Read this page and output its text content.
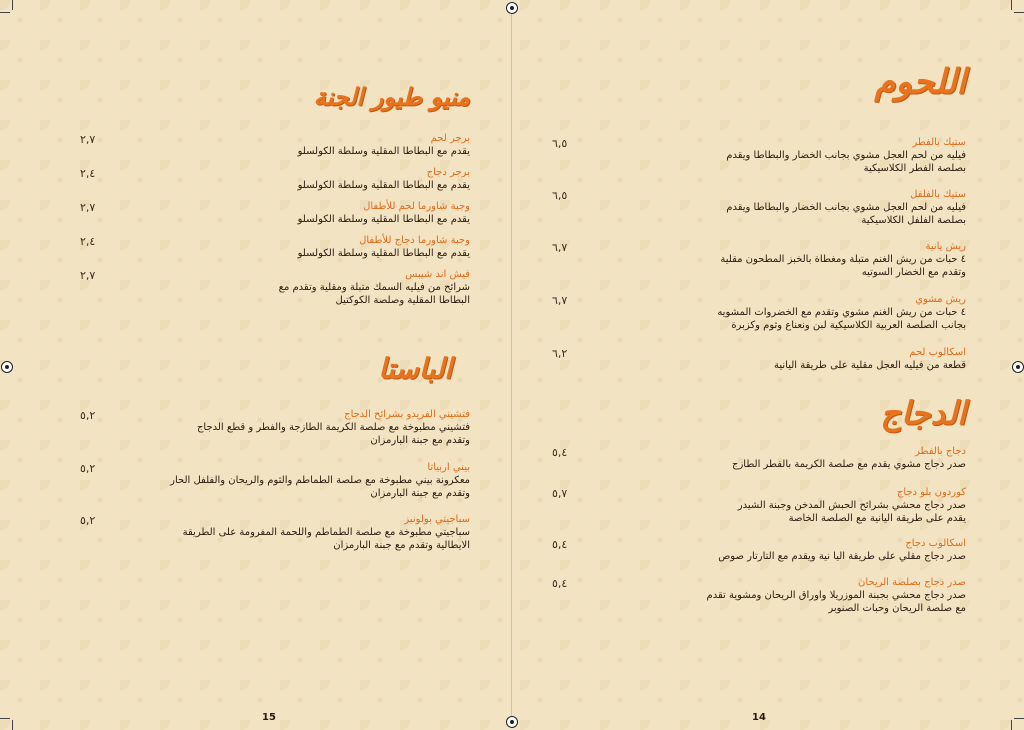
اللحوم
ستيك بالفطر
فيليه من لحم العجل مشوي بجانب الخضار والبطاطا ويقدم
بصلصة الفطر الكلاسيكية
٦,٥
ستيك بالفلفل
فيليه من لحم العجل مشوي بجانب الخضار والبطاطا ويقدم
بصلصة الفلفل الكلاسيكية
٦,٥
ريش يانية
٤ حبات من ريش الغنم متبلة ومغطاة بالخبز المطحون مقلية
وتقدم مع الخضار السوتيه
٦,٧
ريش مشوي
٤ حبات من ريش الغنم مشوي وتقدم مع الخضروات المشويه
بجانب الصلصة العربية الكلاسيكية لبن ونعناع وثوم وكزبرة
٦,٧
اسكالوب لحم
قطعة من فيليه العجل مقلية على طريقة اليانية
٦,٢
الدجاج
دجاج بالفطر
صدر دجاج مشوي يقدم مع صلصة الكريمة بالفطر الطازج
٥,٤
كوردون بلو دجاج
صدر دجاج محشي بشرائح الحبش المدخن وجبنة الشيدر
يقدم على طريقة اليانية مع الصلصة الخاصة
٥,٧
اسكالوب دجاج
صدر دجاج مقلي على طريقة اليا نية ويقدم مع التارتار صوص
٥,٤
صدر دجاج بصلصة الريحان
صدر دجاج محشي بجبنة الموزريلا واوراق الريحان ومشوية تقدم
مع صلصة الريحان وحبات الصنوبر
٥,٤
14
منيو طيور الجنة
برجر لحم
يقدم مع البطاطا المقلية وسلطة الكولسلو
٢,٧
برجر دجاج
يقدم مع البطاطا المقلية وسلطة الكولسلو
٢,٤
وجبة شاورما لحم للأطفال
يقدم مع البطاطا المقلية وسلطة الكولسلو
٢,٧
وجبة شاورما دجاج للأطفال
يقدم مع البطاطا المقلية وسلطة الكولسلو
٢,٤
فيش اند شيبس
شرائح من فيليه السمك متبلة ومقلية وتقدم مع
البطاطا المقلية وصلصة الكوكتيل
٢,٧
الباستا
فتشيني الفريدو بشرائح الدجاج
فتشيني مطبوخة مع صلصة الكريمة الطازجة والفطر و قطع الدجاج
وتقدم مع جبنة البارمزان
٥,٢
بيني اربياتا
معكرونة بيني مطبوخة مع صلصة الطماطم والثوم والريحان والفلفل الحار
وتقدم مع جبنة البارمزان
٥,٢
سباجيتي بولونيز
سباجيتي مطبوخة مع صلصة الطماطم واللحمة المفرومة على الطريقة
الايطالية وتقدم مع جبنة البارمزان
٥,٢
15
